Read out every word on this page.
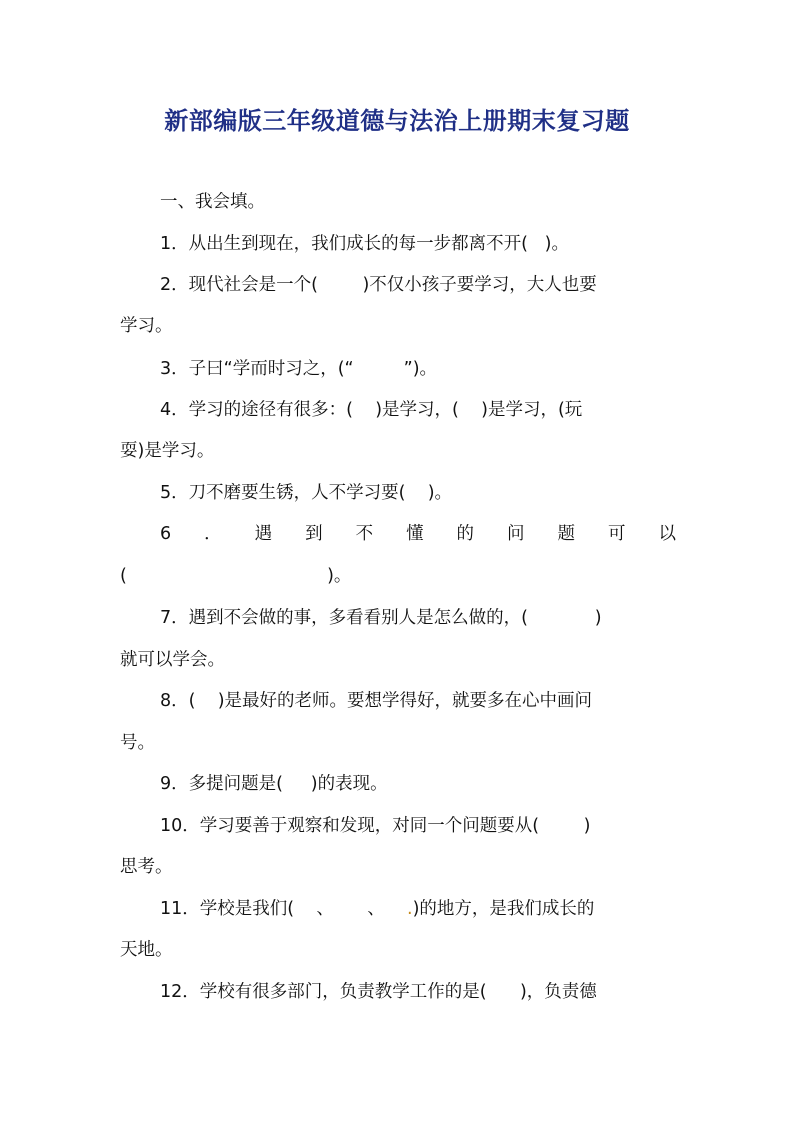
新部编版三年级道德与法治上册期末复习题
一、我会填。
1．从出生到现在，我们成长的每一步都离不开(   )。
2．现代社会是一个(        )不仅小孩子要学习，大人也要
学习。
3．子曰“学而时习之，(“         ”)。
4．学习的途径有很多：(    )是学习，(    )是学习，(玩
耍)是学习。
5．刀不磨要生锈，人不学习要(    )。
6 ． 遇 到 不 懂 的 问 题 可 以
(                                    )。
7．遇到不会做的事，多看看别人是怎么做的，(            )
就可以学会。
8．(    )是最好的老师。要想学得好，就要多在心中画问
号。
9．多提问题是(     )的表现。
10．学习要善于观察和发现，对同一个问题要从(        )
思考。
11．学校是我们(    、      、    .)的地方，是我们成长的
天地。
12．学校有很多部门，负责教学工作的是(      )，负责德
